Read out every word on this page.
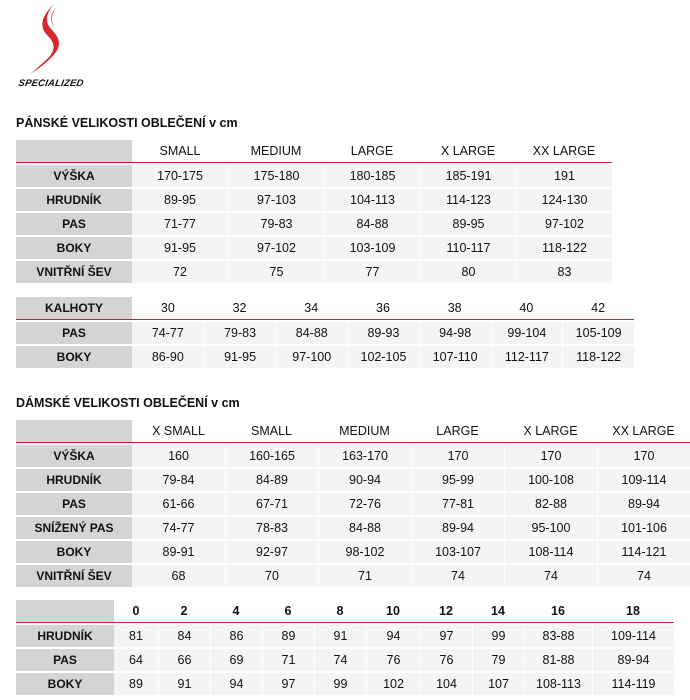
SPECIALIZED
PÁNSKÉ VELIKOSTI OBLEČENÍ v cm
	SMALL	MEDIUM	LARGE	X LARGE	XX LARGE
VÝŠKA	170-175	175-180	180-185	185-191	191
HRUDNÍK	89-95	97-103	104-113	114-123	124-130
PAS	71-77	79-83	84-88	89-95	97-102
BOKY	91-95	97-102	103-109	110-117	118-122
VNITŘNÍ ŠEV	72	75	77	80	83
KALHOTY	30	32	34	36	38	40	42
PAS	74-77	79-83	84-88	89-93	94-98	99-104	105-109
BOKY	86-90	91-95	97-100	102-105	107-110	112-117	118-122
DÁMSKÉ VELIKOSTI OBLEČENÍ v cm
	X SMALL	SMALL	MEDIUM	LARGE	X LARGE	XX LARGE
VÝŠKA	160	160-165	163-170	170	170	170
HRUDNÍK	79-84	84-89	90-94	95-99	100-108	109-114
PAS	61-66	67-71	72-76	77-81	82-88	89-94
SNÍŽENÝ PAS	74-77	78-83	84-88	89-94	95-100	101-106
BOKY	89-91	92-97	98-102	103-107	108-114	114-121
VNITŘNÍ ŠEV	68	70	71	74	74	74
	0	2	4	6	8	10	12	14	16	18
HRUDNÍK	81	84	86	89	91	94	97	99	83-88	109-114
PAS	64	66	69	71	74	76	76	79	81-88	89-94
BOKY	89	91	94	97	99	102	104	107	108-113	114-119
